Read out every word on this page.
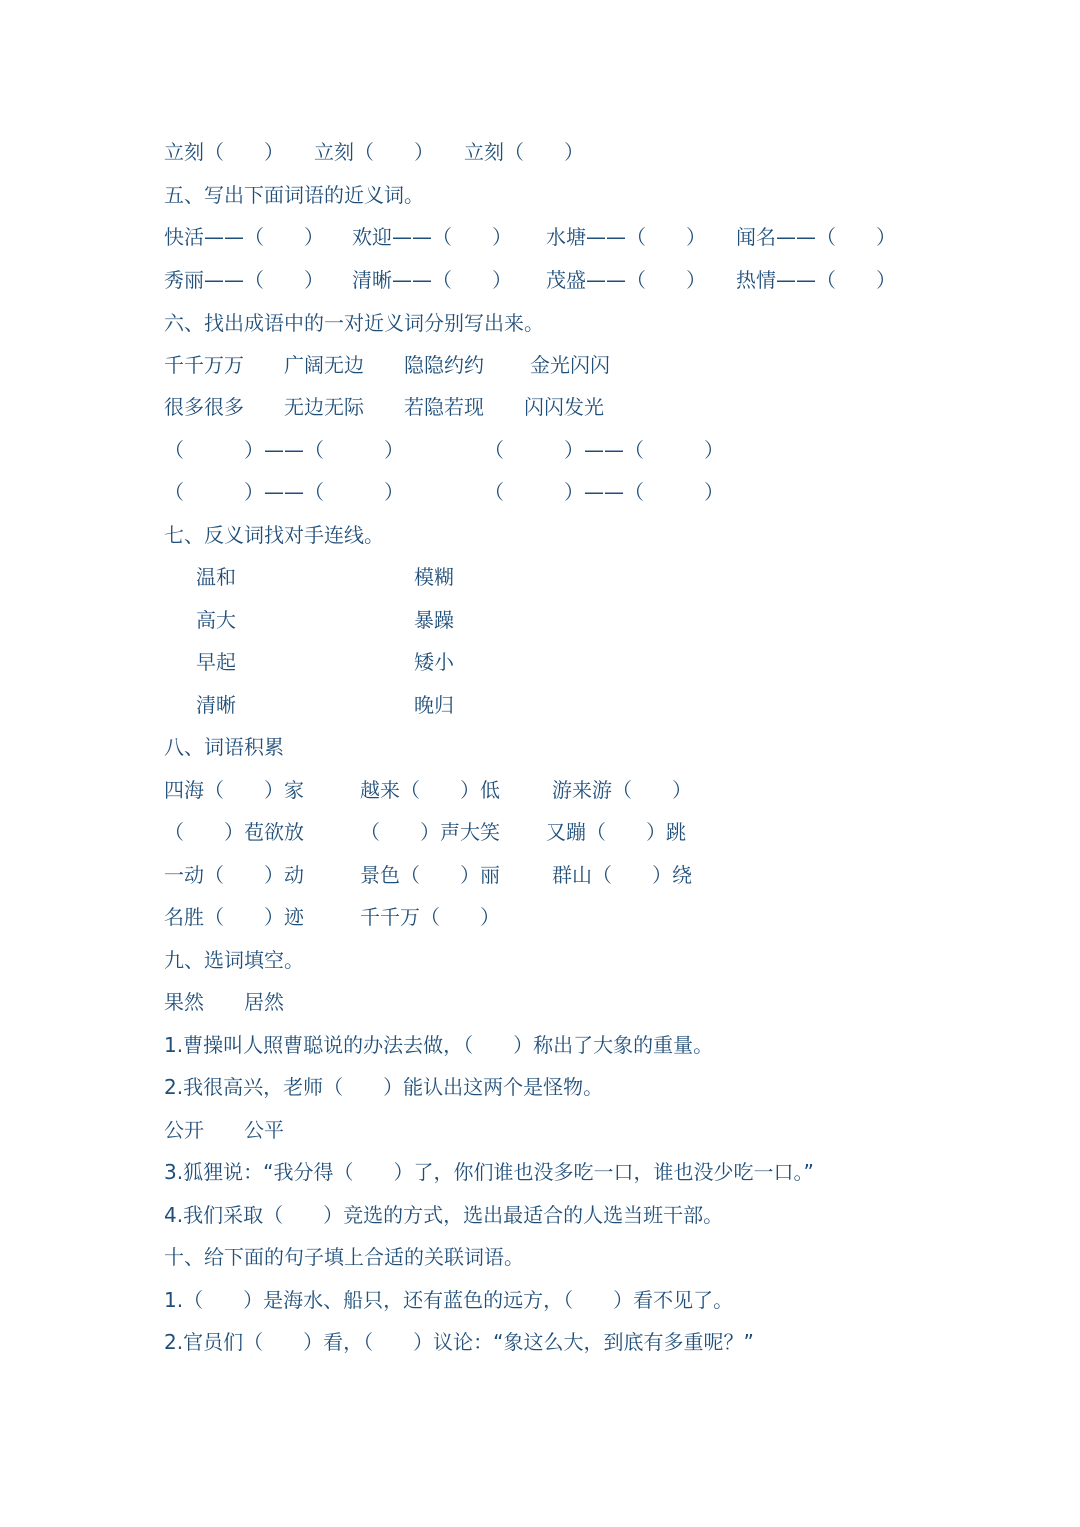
立刻（　　）　　立刻（　　）　　立刻（　　）
五、写出下面词语的近义词。
快活——（　　） 欢迎——（　　） 水塘——（　　） 闻名——（　　）
秀丽——（　　） 清晰——（　　） 茂盛——（　　） 热情——（　　）
六、找出成语中的一对近义词分别写出来。
千千万万 广阔无边 隐隐约约 金光闪闪
很多很多 无边无际 若隐若现 闪闪发光
（　　　）——（　　　）	（　　　）——（　　　）
（　　　）——（　　　）	（　　　）——（　　　）
七、反义词找对手连线。
温和	模糊
高大	暴躁
早起	矮小
清晰	晚归
八、词语积累
四海（　　）家	越来（　　）低	游来游（　　）
（　　）苞欲放	（　　）声大笑 又蹦（　　）跳
一动（　　）动	景色（　　）丽	群山（　　）绕
名胜（　　）迹	千千万（　　）
九、选词填空。
果然　　居然
1.曹操叫人照曹聪说的办法去做，（　　）称出了大象的重量。
2.我很高兴，老师（　　）能认出这两个是怪物。
公开　　公平
3.狐狸说：“我分得（　　）了，你们谁也没多吃一口，谁也没少吃一口。”
4.我们采取（　　）竞选的方式，选出最适合的人选当班干部。
十、给下面的句子填上合适的关联词语。
1.（　　）是海水、船只，还有蓝色的远方，（　　）看不见了。
2.官员们（　　）看，（　　）议论：“象这么大，到底有多重呢？”
